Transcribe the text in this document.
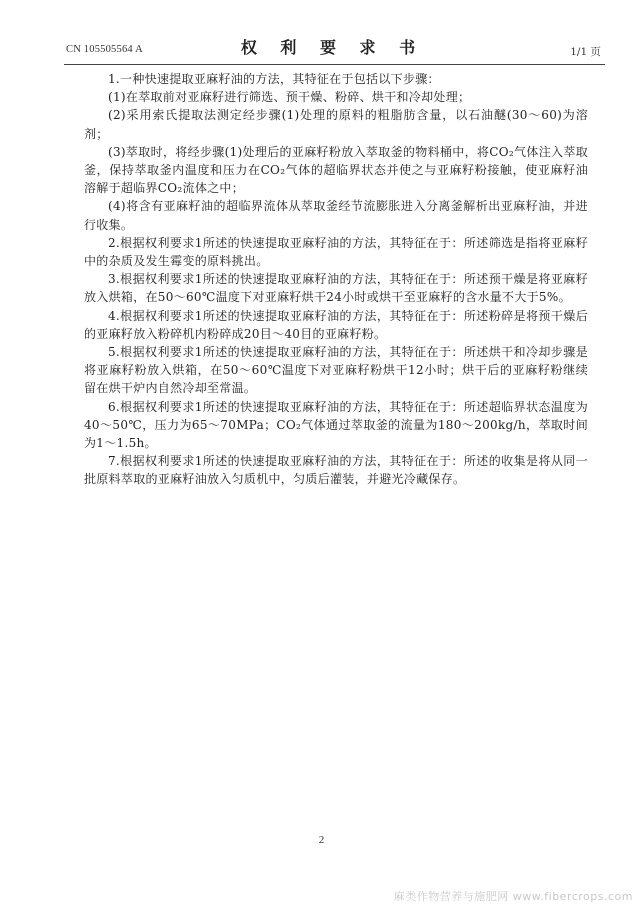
CN 105505564 A	权 利 要 求 书	1/1 页

1.一种快速提取亚麻籽油的方法，其特征在于包括以下步骤：

(1)在萃取前对亚麻籽进行筛选、预干燥、粉碎、烘干和冷却处理；

(2)采用索氏提取法测定经步骤(1)处理的原料的粗脂肪含量，以石油醚(30～60)为溶剂；

(3)萃取时，将经步骤(1)处理后的亚麻籽粉放入萃取釜的物料桶中，将CO₂气体注入萃取釜，保持萃取釜内温度和压力在CO₂气体的超临界状态并使之与亚麻籽粉接触，使亚麻籽油溶解于超临界CO₂流体之中；

(4)将含有亚麻籽油的超临界流体从萃取釜经节流膨胀进入分离釜解析出亚麻籽油，并进行收集。

2.根据权利要求1所述的快速提取亚麻籽油的方法，其特征在于：所述筛选是指将亚麻籽中的杂质及发生霉变的原料挑出。

3.根据权利要求1所述的快速提取亚麻籽油的方法，其特征在于：所述预干燥是将亚麻籽放入烘箱，在50～60℃温度下对亚麻籽烘干24小时或烘干至亚麻籽的含水量不大于5%。

4.根据权利要求1所述的快速提取亚麻籽油的方法，其特征在于：所述粉碎是将预干燥后的亚麻籽放入粉碎机内粉碎成20目～40目的亚麻籽粉。

5.根据权利要求1所述的快速提取亚麻籽油的方法，其特征在于：所述烘干和冷却步骤是将亚麻籽粉放入烘箱，在50～60℃温度下对亚麻籽粉烘干12小时；烘干后的亚麻籽粉继续留在烘干炉内自然冷却至常温。

6.根据权利要求1所述的快速提取亚麻籽油的方法，其特征在于：所述超临界状态温度为40～50℃，压力为65～70MPa；CO₂气体通过萃取釜的流量为180～200kg/h，萃取时间为1～1.5h。

7.根据权利要求1所述的快速提取亚麻籽油的方法，其特征在于：所述的收集是将从同一批原料萃取的亚麻籽油放入匀质机中，匀质后灌装，并避光冷藏保存。

2
麻类作物营养与施肥网 www.fibercrops.com
